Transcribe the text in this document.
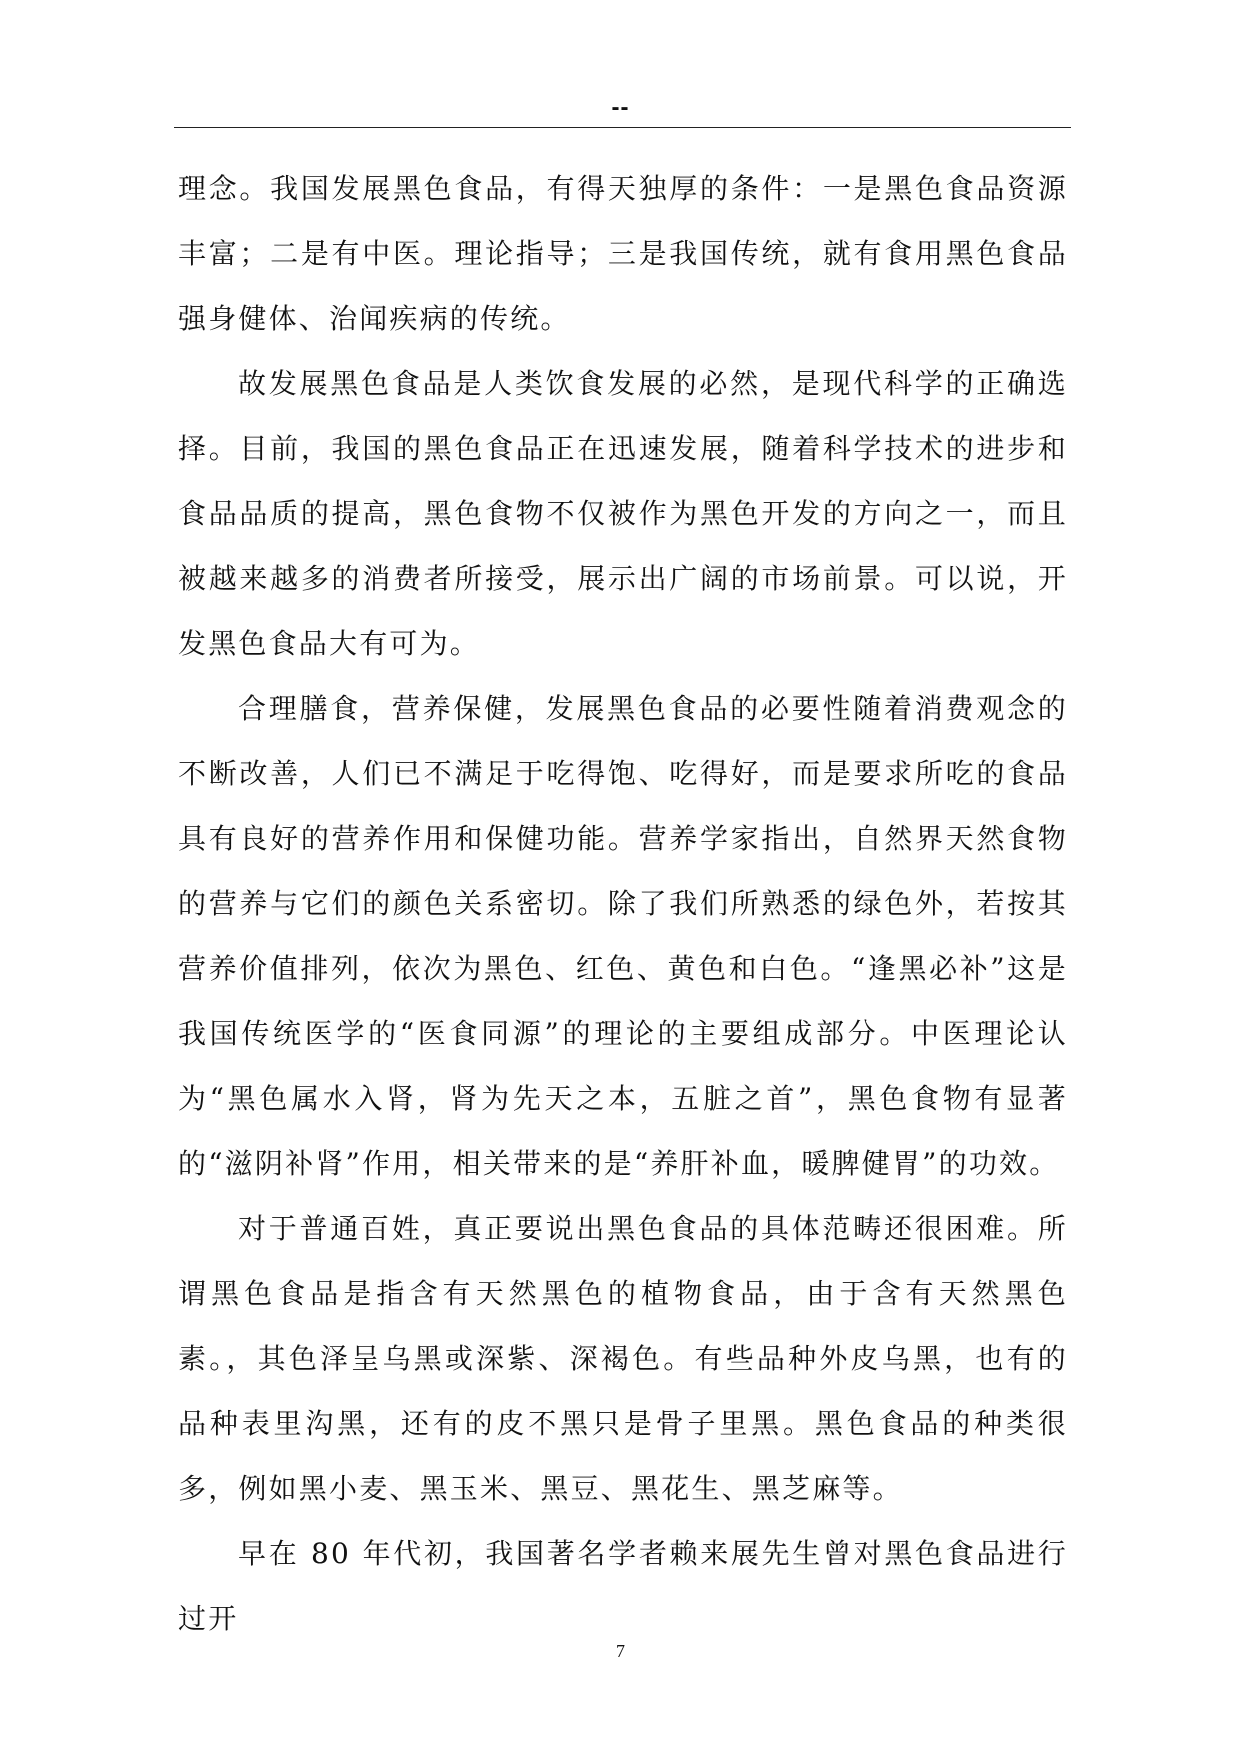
--

理念。我国发展黑色食品，有得天独厚的条件：一是黑色食品资源丰富；二是有中医。理论指导；三是我国传统，就有食用黑色食品强身健体、治闻疾病的传统。

故发展黑色食品是人类饮食发展的必然，是现代科学的正确选择。目前，我国的黑色食品正在迅速发展，随着科学技术的进步和食品品质的提高，黑色食物不仅被作为黑色开发的方向之一，而且被越来越多的消费者所接受，展示出广阔的市场前景。可以说，开发黑色食品大有可为。

合理膳食，营养保健，发展黑色食品的必要性随着消费观念的不断改善，人们已不满足于吃得饱、吃得好，而是要求所吃的食品具有良好的营养作用和保健功能。营养学家指出，自然界天然食物的营养与它们的颜色关系密切。除了我们所熟悉的绿色外，若按其营养价值排列，依次为黑色、红色、黄色和白色。“逢黑必补”这是我国传统医学的“医食同源”的理论的主要组成部分。中医理论认为“黑色属水入肾，肾为先天之本，五脏之首”，黑色食物有显著的“滋阴补肾”作用，相关带来的是“养肝补血，暖脾健胃”的功效。

对于普通百姓，真正要说出黑色食品的具体范畴还很困难。所谓黑色食品是指含有天然黑色的植物食品，由于含有天然黑色素。，其色泽呈乌黑或深紫、深褐色。有些品种外皮乌黑，也有的品种表里沟黑，还有的皮不黑只是骨子里黑。黑色食品的种类很多，例如黑小麦、黑玉米、黑豆、黑花生、黑芝麻等。

早在 80 年代初，我国著名学者赖来展先生曾对黑色食品进行过开

7
